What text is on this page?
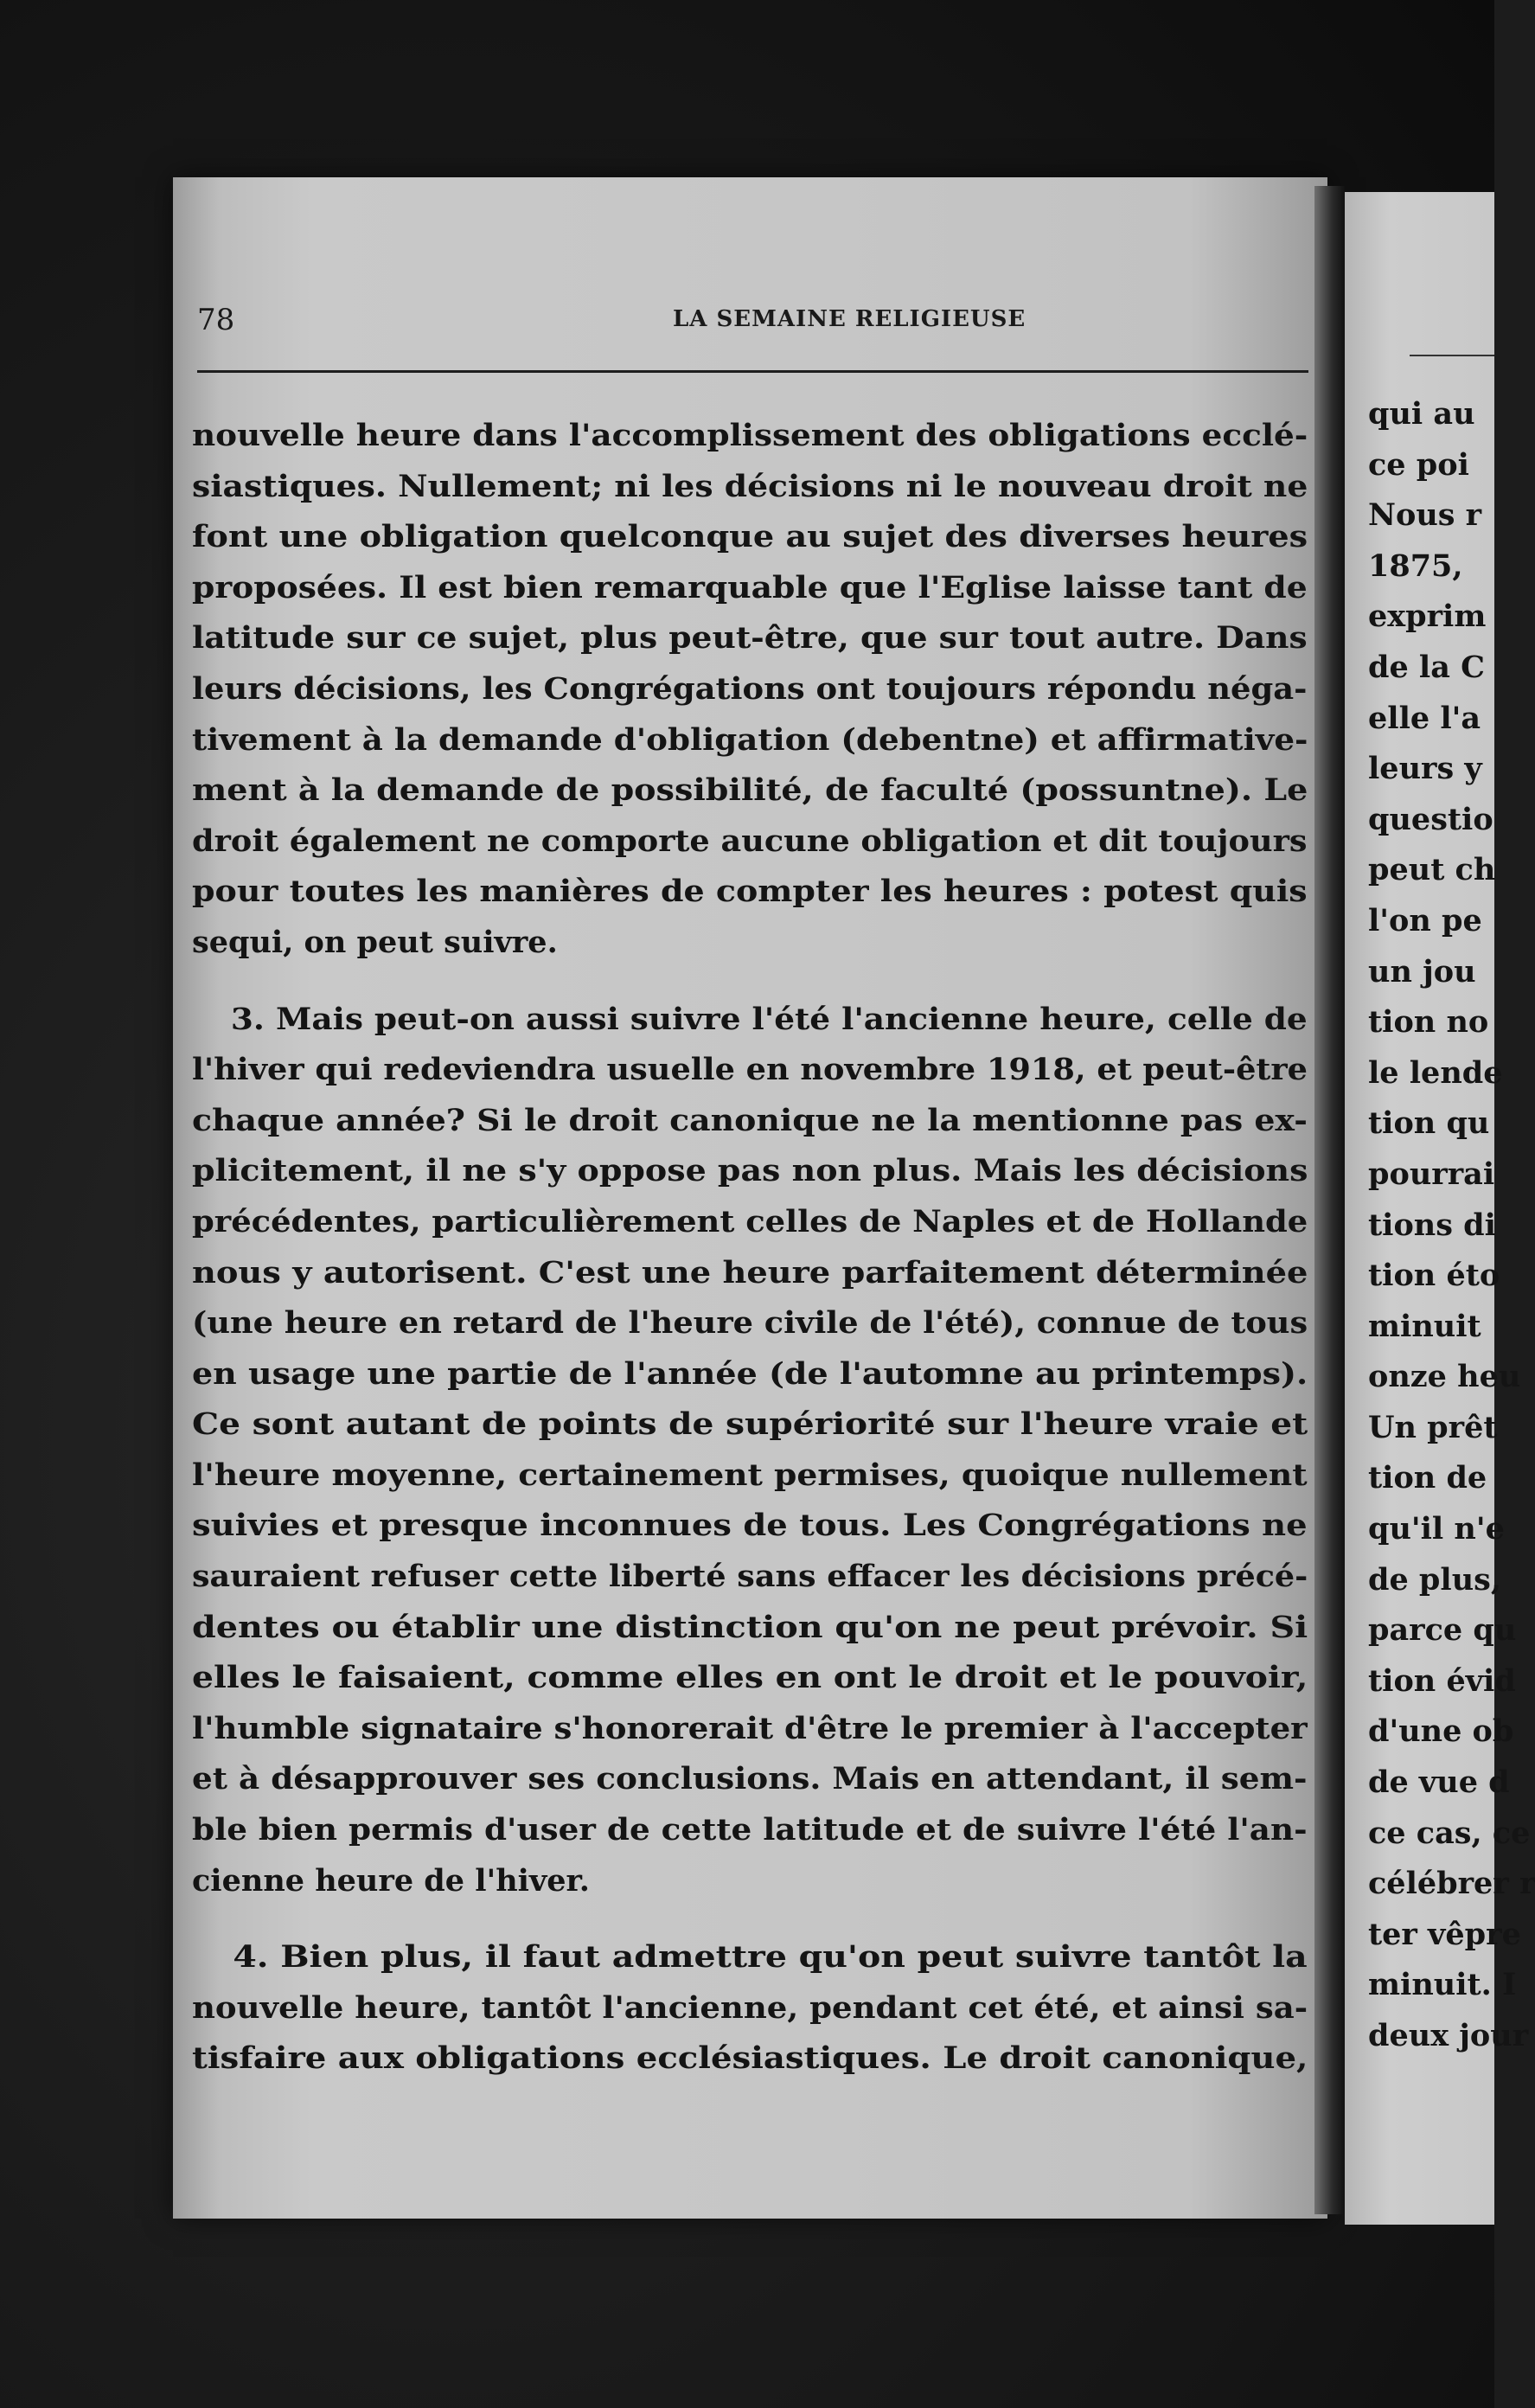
78	LA SEMAINE RELIGIEUSE
nouvelle heure dans l'accomplissement des obligations ecclé-
siastiques. Nullement; ni les décisions ni le nouveau droit ne
font une obligation quelconque au sujet des diverses heures
proposées. Il est bien remarquable que l'Eglise laisse tant de
latitude sur ce sujet, plus peut-être, que sur tout autre. Dans
leurs décisions, les Congrégations ont toujours répondu néga-
tivement à la demande d'obligation (debentne) et affirmative-
ment à la demande de possibilité, de faculté (possuntne). Le
droit également ne comporte aucune obligation et dit toujours
pour toutes les manières de compter les heures : potest quis
sequi, on peut suivre.
3. Mais peut-on aussi suivre l'été l'ancienne heure, celle de
l'hiver qui redeviendra usuelle en novembre 1918, et peut-être
chaque année? Si le droit canonique ne la mentionne pas ex-
plicitement, il ne s'y oppose pas non plus. Mais les décisions
précédentes, particulièrement celles de Naples et de Hollande
nous y autorisent. C'est une heure parfaitement déterminée
(une heure en retard de l'heure civile de l'été), connue de tous
en usage une partie de l'année (de l'automne au printemps).
Ce sont autant de points de supériorité sur l'heure vraie et
l'heure moyenne, certainement permises, quoique nullement
suivies et presque inconnues de tous. Les Congrégations ne
sauraient refuser cette liberté sans effacer les décisions précé-
dentes ou établir une distinction qu'on ne peut prévoir. Si
elles le faisaient, comme elles en ont le droit et le pouvoir,
l'humble signataire s'honorerait d'être le premier à l'accepter
et à désapprouver ses conclusions. Mais en attendant, il sem-
ble bien permis d'user de cette latitude et de suivre l'été l'an-
cienne heure de l'hiver.
4. Bien plus, il faut admettre qu'on peut suivre tantôt la
nouvelle heure, tantôt l'ancienne, pendant cet été, et ainsi sa-
tisfaire aux obligations ecclésiastiques. Le droit canonique,
qui au
ce poi
Nous r
1875,
exprim
de la C
elle l'a
leurs y
questio
peut ch
l'on pe
un jou
tion no
le lende
tion qu
pourrai
tions di
tion éto
minuit
onze heu
Un prêt
tion de
qu'il n'e
de plus,
parce qu
tion évid
d'une ob
de vue d
ce cas, ce
célébrer r
ter vêpre
minuit. I
deux jour
